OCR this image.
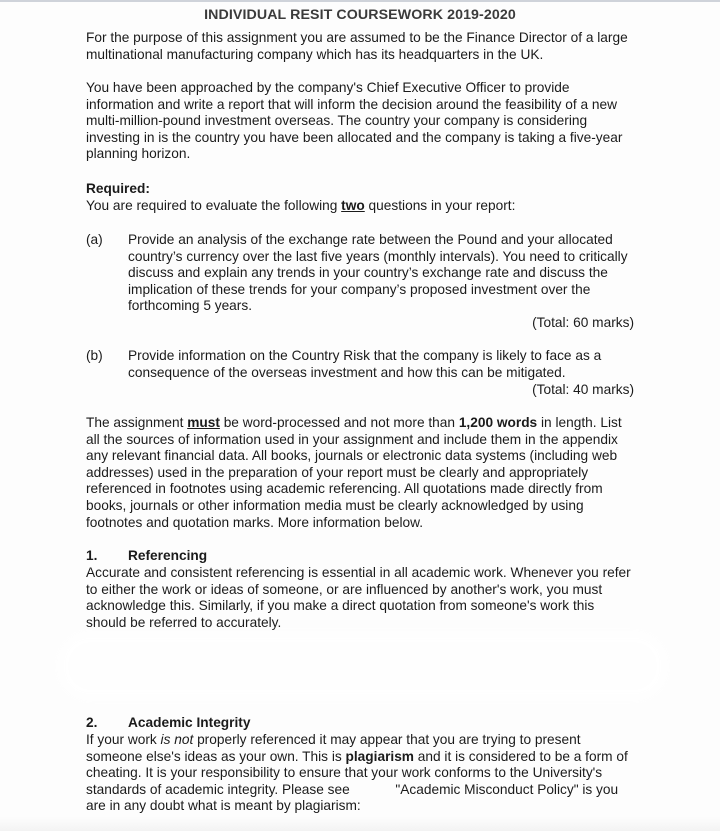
INDIVIDUAL RESIT COURSEWORK 2019-2020

For the purpose of this assignment you are assumed to be the Finance Director of a large multinational manufacturing company which has its headquarters in the UK.

You have been approached by the company's Chief Executive Officer to provide information and write a report that will inform the decision around the feasibility of a new multi-million-pound investment overseas. The country your company is considering investing in is the country you have been allocated and the company is taking a five-year planning horizon.

Required:
You are required to evaluate the following two questions in your report:
(a) Provide an analysis of the exchange rate between the Pound and your allocated country’s currency over the last five years (monthly intervals). You need to critically discuss and explain any trends in your country’s exchange rate and discuss the implication of these trends for your company’s proposed investment over the forthcoming 5 years.
(Total: 60 marks)
(b) Provide information on the Country Risk that the company is likely to face as a consequence of the overseas investment and how this can be mitigated.
(Total: 40 marks)

The assignment must be word-processed and not more than 1,200 words in length. List all the sources of information used in your assignment and include them in the appendix any relevant financial data. All books, journals or electronic data systems (including web addresses) used in the preparation of your report must be clearly and appropriately referenced in footnotes using academic referencing. All quotations made directly from books, journals or other information media must be clearly acknowledged by using footnotes and quotation marks. More information below.

1. Referencing

Accurate and consistent referencing is essential in all academic work. Whenever you refer to either the work or ideas of someone, or are influenced by another's work, you must acknowledge this. Similarly, if you make a direct quotation from someone's work this should be referred to accurately.

2. Academic Integrity

If your work is not properly referenced it may appear that you are trying to present someone else's ideas as your own. This is plagiarism and it is considered to be a form of cheating. It is your responsibility to ensure that your work conforms to the University's standards of academic integrity. Please see	"Academic Misconduct Policy" is you are in any doubt what is meant by plagiarism:
